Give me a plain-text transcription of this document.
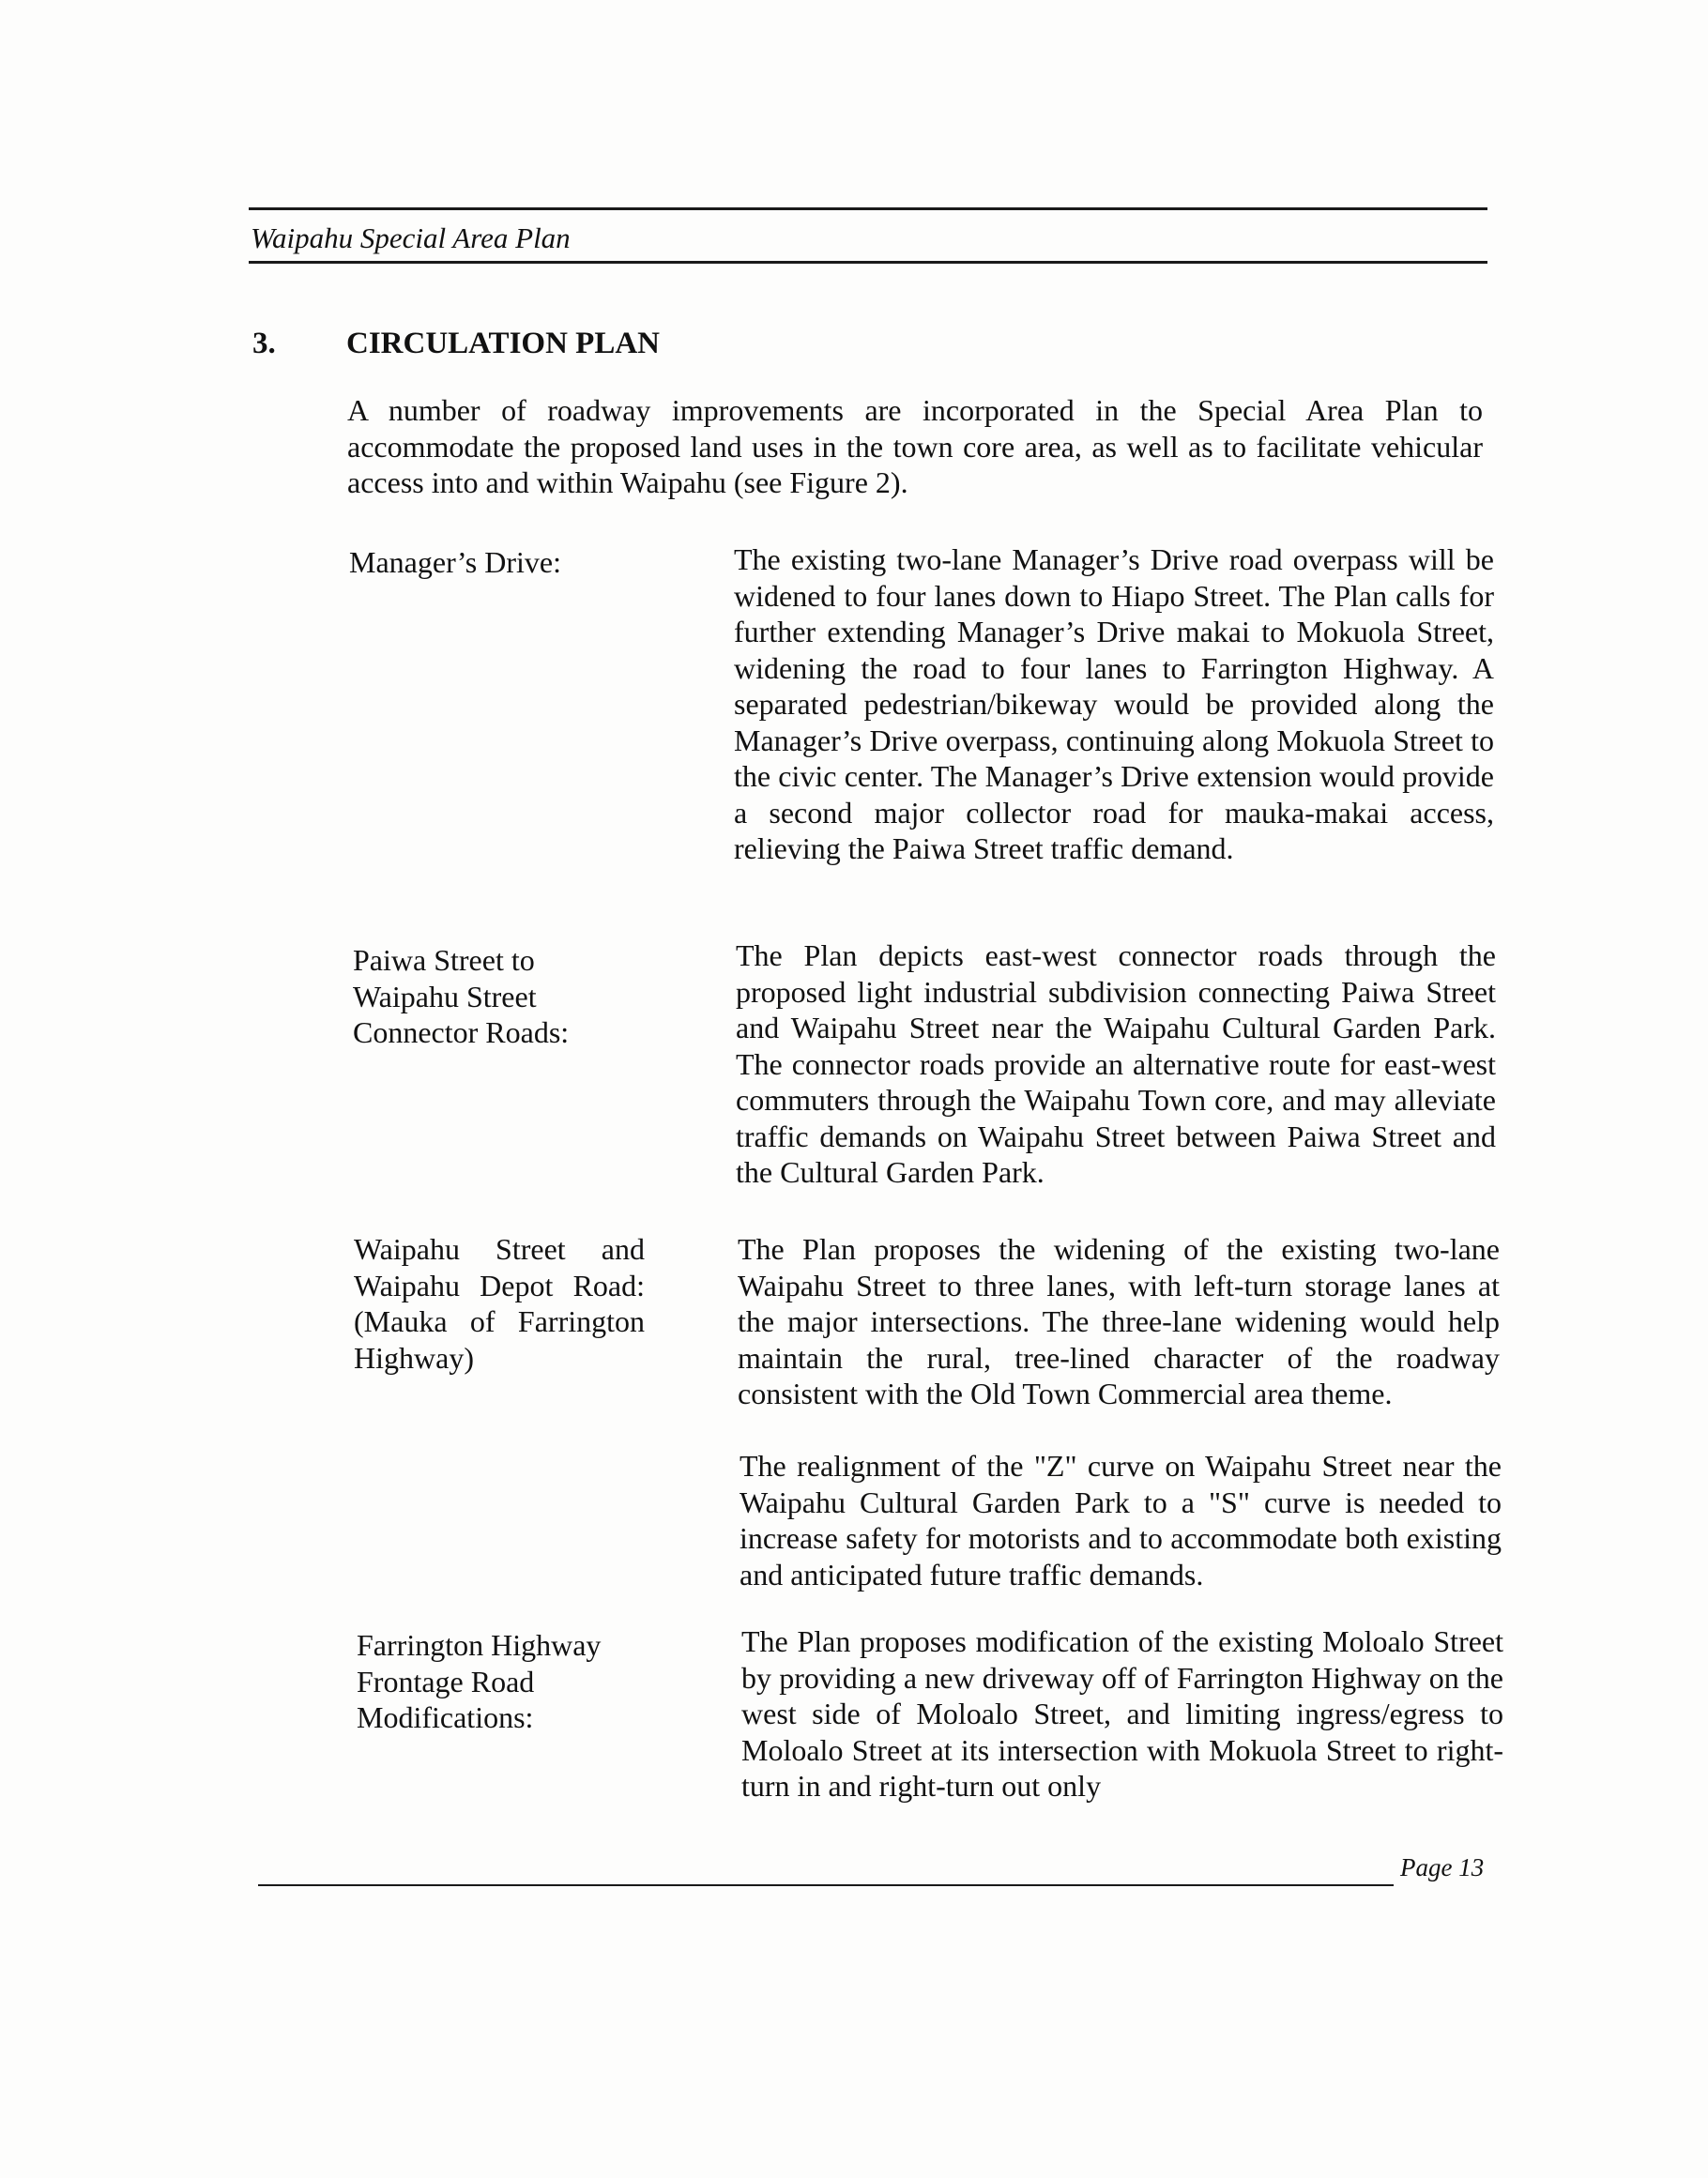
Waipahu Special Area Plan
3. CIRCULATION PLAN
A number of roadway improvements are incorporated in the Special Area Plan to accommodate the proposed land uses in the town core area, as well as to facilitate vehicular access into and within Waipahu (see Figure 2).
Manager’s Drive:	The existing two-lane Manager’s Drive road overpass will be widened to four lanes down to Hiapo Street. The Plan calls for further extending Manager’s Drive makai to Mokuola Street, widening the road to four lanes to Farrington Highway. A separated pedestrian/bikeway would be provided along the Manager’s Drive overpass, continuing along Mokuola Street to the civic center. The Manager’s Drive extension would provide a second major collector road for mauka-makai access, relieving the Paiwa Street traffic demand.
Paiwa Street to Waipahu Street Connector Roads:
The Plan depicts east-west connector roads through the proposed light industrial subdivision connecting Paiwa Street and Waipahu Street near the Waipahu Cultural Garden Park. The connector roads provide an alternative route for east-west commuters through the Waipahu Town core, and may alleviate traffic demands on Waipahu Street between Paiwa Street and the Cultural Garden Park.
Waipahu Street and Waipahu Depot Road: (Mauka of Farrington Highway)
The Plan proposes the widening of the existing two-lane Waipahu Street to three lanes, with left-turn storage lanes at the major intersections. The three-lane widening would help maintain the rural, tree-lined character of the roadway consistent with the Old Town Commercial area theme.
The realignment of the "Z" curve on Waipahu Street near the Waipahu Cultural Garden Park to a "S" curve is needed to increase safety for motorists and to accommodate both existing and anticipated future traffic demands.
Farrington Highway Frontage Road Modifications:
The Plan proposes modification of the existing Moloalo Street by providing a new driveway off of Farrington Highway on the west side of Moloalo Street, and limiting ingress/egress to Moloalo Street at its intersection with Mokuola Street to right-turn in and right-turn out only
Page 13
